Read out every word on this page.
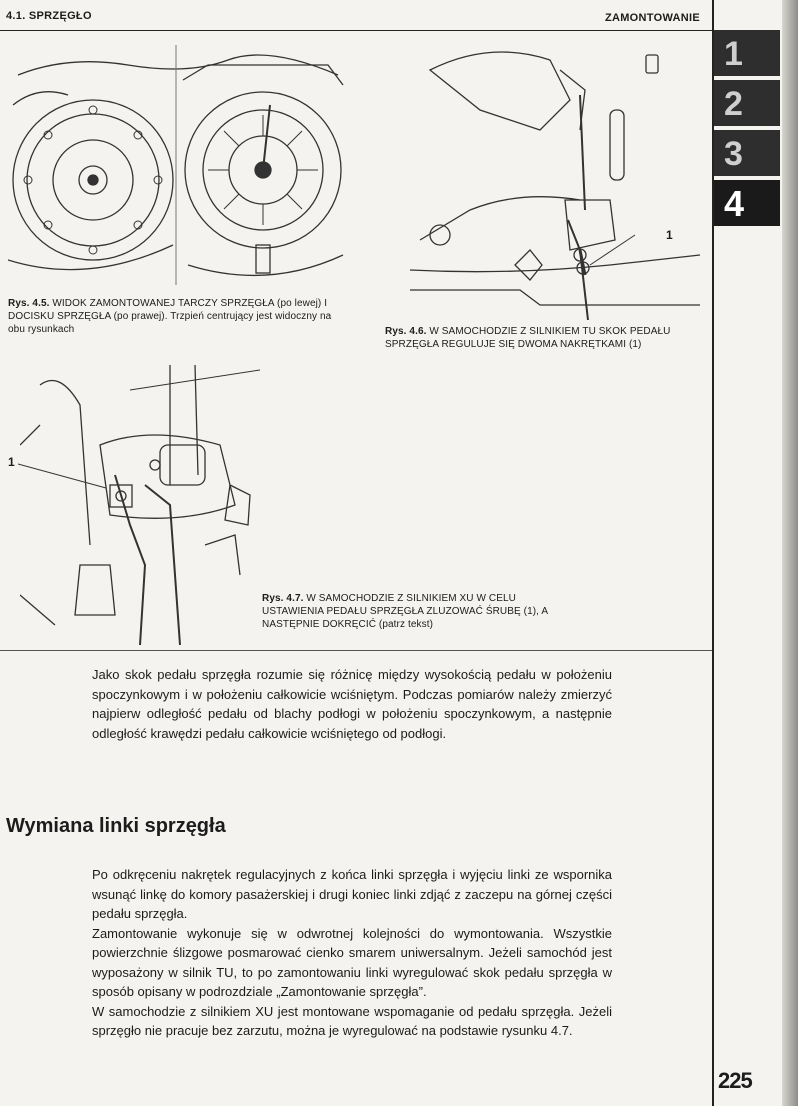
4.1. SPRZĘGŁO	ZAMONTOWANIE
1
2
3
4
Rys. 4.5. WIDOK ZAMONTOWANEJ TARCZY SPRZĘGŁA (po lewej) I DOCISKU SPRZĘGŁA (po prawej). Trzpień centrujący jest widoczny na obu rysunkach
1
Rys. 4.6. W SAMOCHODZIE Z SILNIKIEM TU SKOK PEDAŁU SPRZĘGŁA REGULUJE SIĘ DWOMA NAKRĘTKAMI (1)
1
Rys. 4.7. W SAMOCHODZIE Z SILNIKIEM XU W CELU USTAWIENIA PEDAŁU SPRZĘGŁA ZLUZOWAĆ ŚRUBĘ (1), A NASTĘPNIE DOKRĘCIĆ (patrz tekst)
Jako skok pedału sprzęgła rozumie się różnicę między wysokością pedału w położeniu spoczynkowym i w położeniu całkowicie wciśniętym. Podczas pomiarów należy zmierzyć najpierw odległość pedału od blachy podłogi w położeniu spoczynkowym, a następnie odległość krawędzi pedału całkowicie wciśniętego od podłogi.
Wymiana linki sprzęgła
Po odkręceniu nakrętek regulacyjnych z końca linki sprzęgła i wyjęciu linki ze wspornika wsunąć linkę do komory pasażerskiej i drugi koniec linki zdjąć z zaczepu na górnej części pedału sprzęgła.
Zamontowanie wykonuje się w odwrotnej kolejności do wymontowania. Wszystkie powierzchnie ślizgowe posmarować cienko smarem uniwersalnym. Jeżeli samochód jest wyposażony w silnik TU, to po zamontowaniu linki wyregulować skok pedału sprzęgła w sposób opisany w podrozdziale „Zamontowanie sprzęgła”.
W samochodzie z silnikiem XU jest montowane wspomaganie od pedału sprzęgła. Jeżeli sprzęgło nie pracuje bez zarzutu, można je wyregulować na podstawie rysunku 4.7.
225
